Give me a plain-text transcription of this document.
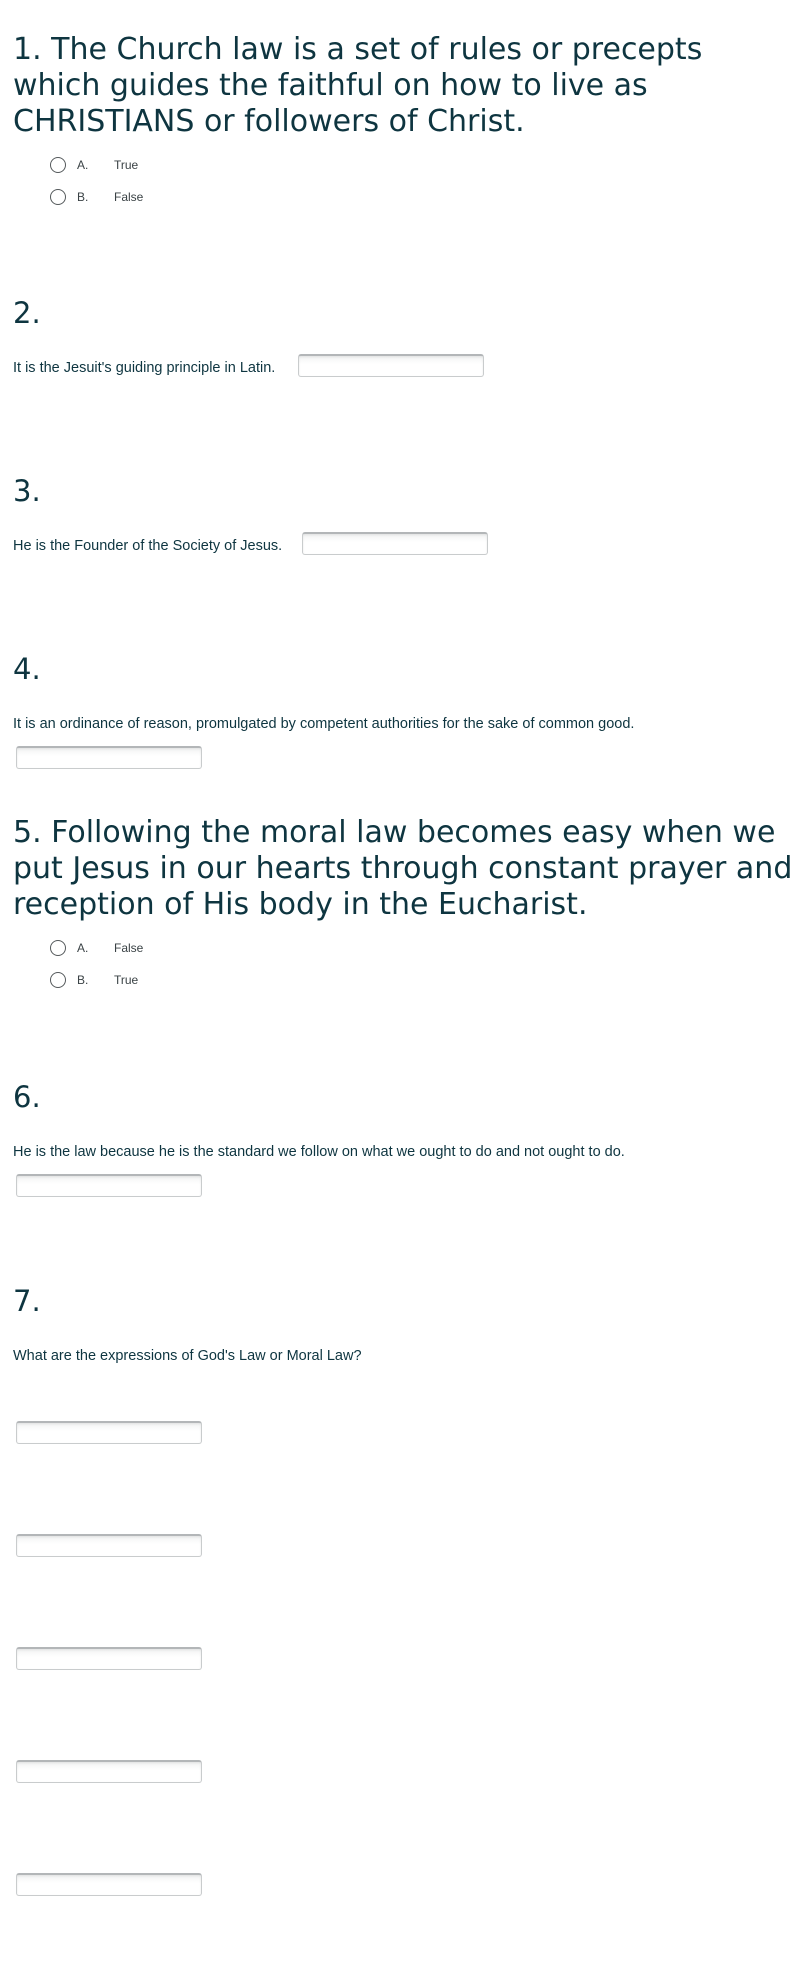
1. The Church law is a set of rules or precepts which guides the faithful on how to live as CHRISTIANS or followers of Christ.
A.	True
B.	False
2.
It is the Jesuit's guiding principle in Latin.
3.
He is the Founder of the Society of Jesus.
4.
It is an ordinance of reason, promulgated by competent authorities for the sake of common good.
5. Following the moral law becomes easy when we put Jesus in our hearts through constant prayer and reception of His body in the Eucharist.
A.	False
B.	True
6.
He is the law because he is the standard we follow on what we ought to do and not ought to do.
7.
What are the expressions of God's Law or Moral Law?
